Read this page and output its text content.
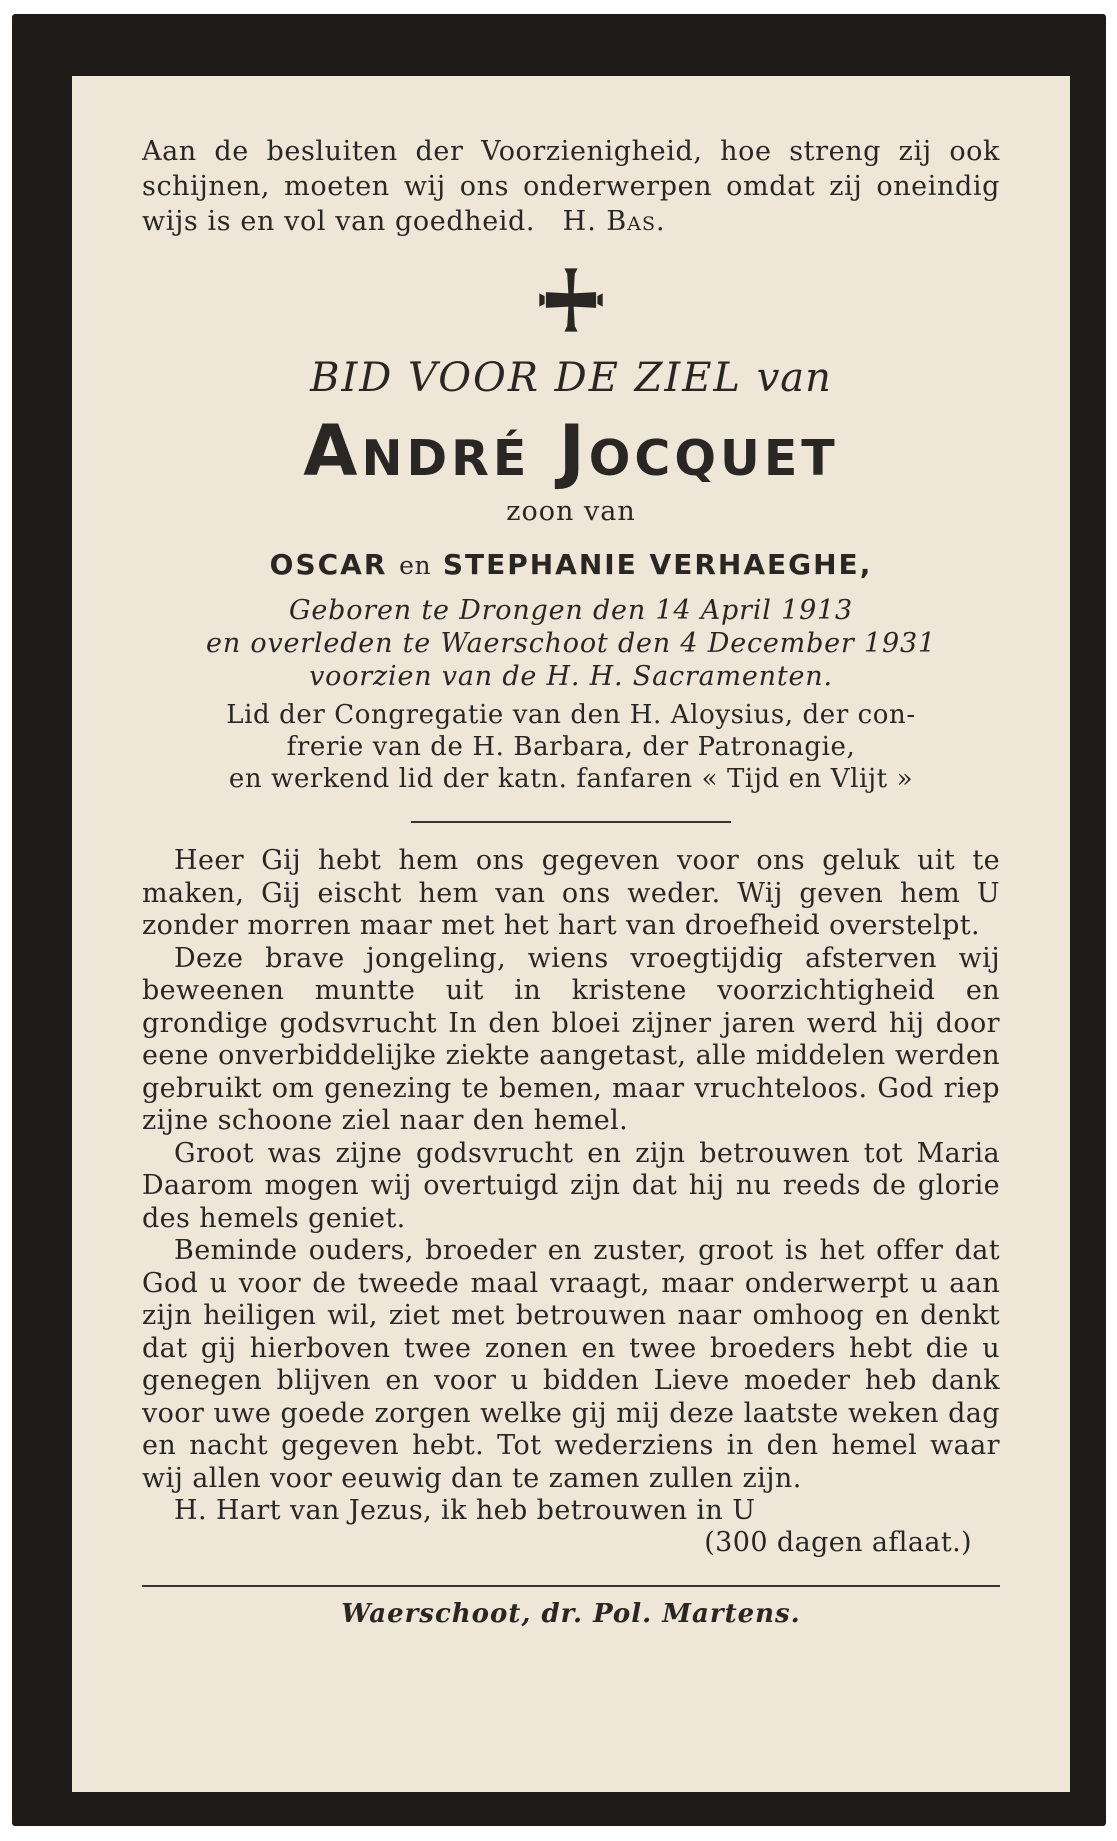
Aan de besluiten der Voorzienigheid, hoe streng zij ook schijnen, moeten wij ons onderwerpen omdat zij oneindig wijs is en vol van goedheid. H. Bas.

BID VOOR DE ZIEL van
André Jocquet
zoon van
OSCAR en STEPHANIE VERHAEGHE,
Geboren te Drongen den 14 April 1913
en overleden te Waerschoot den 4 December 1931
voorzien van de H. H. Sacramenten.
Lid der Congregatie van den H. Aloysius, der con-
frerie van de H. Barbara, der Patronagie,
en werkend lid der katn. fanfaren « Tijd en Vlijt »

Heer Gij hebt hem ons gegeven voor ons geluk uit te maken, Gij eischt hem van ons weder. Wij geven hem U zonder morren maar met het hart van droefheid overstelpt.

Deze brave jongeling, wiens vroegtijdig afsterven wij beweenen muntte uit in kristene voorzichtigheid en grondige godsvrucht In den bloei zijner jaren werd hij door eene onverbiddelijke ziekte aangetast, alle middelen werden gebruikt om genezing te bemen, maar vruchteloos. God riep zijne schoone ziel naar den hemel.

Groot was zijne godsvrucht en zijn betrouwen tot Maria Daarom mogen wij overtuigd zijn dat hij nu reeds de glorie des hemels geniet.

Beminde ouders, broeder en zuster, groot is het offer dat God u voor de tweede maal vraagt, maar onderwerpt u aan zijn heiligen wil, ziet met betrouwen naar omhoog en denkt dat gij hierboven twee zonen en twee broeders hebt die u genegen blijven en voor u bidden Lieve moeder heb dank voor uwe goede zorgen welke gij mij deze laatste weken dag en nacht gegeven hebt. Tot wederziens in den hemel waar wij allen voor eeuwig dan te zamen zullen zijn.

H. Hart van Jezus, ik heb betrouwen in U

(300 dagen aflaat.)

Waerschoot, dr. Pol. Martens.
